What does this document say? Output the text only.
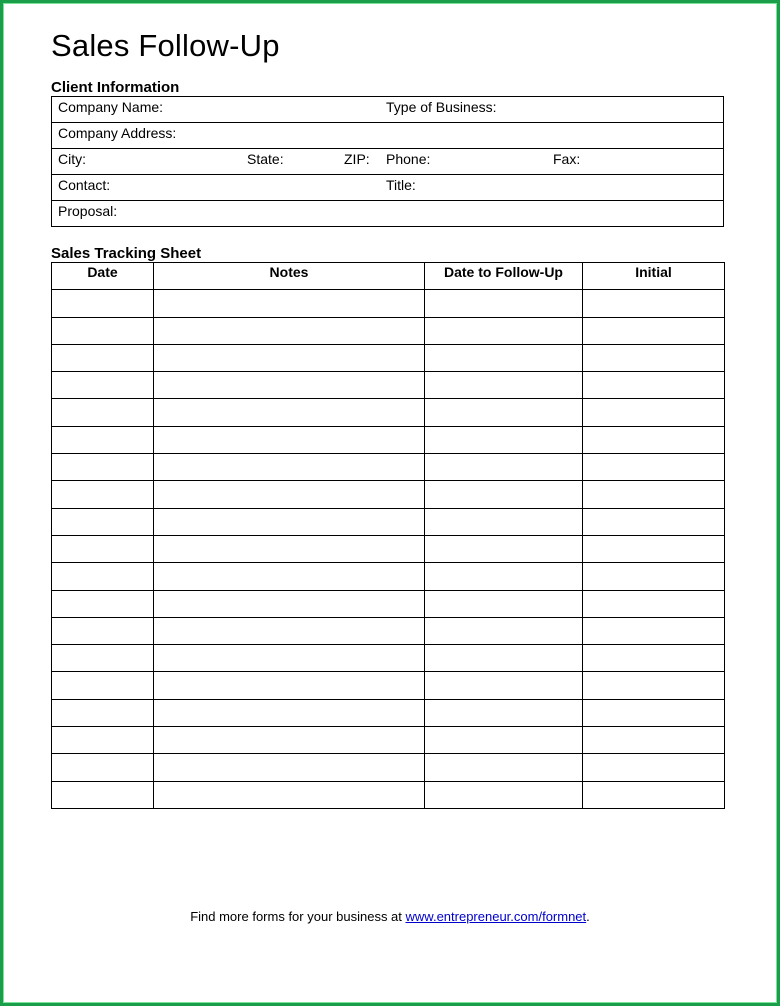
Sales Follow-Up
Client Information
Company Name:	Type of Business:
Company Address:
City:	State:	ZIP: Phone:	Fax:
Contact:	Title:
Proposal:
Sales Tracking Sheet
Date	Notes	Date to Follow-Up	Initial

Find more forms for your business at www.entrepreneur.com/formnet.
